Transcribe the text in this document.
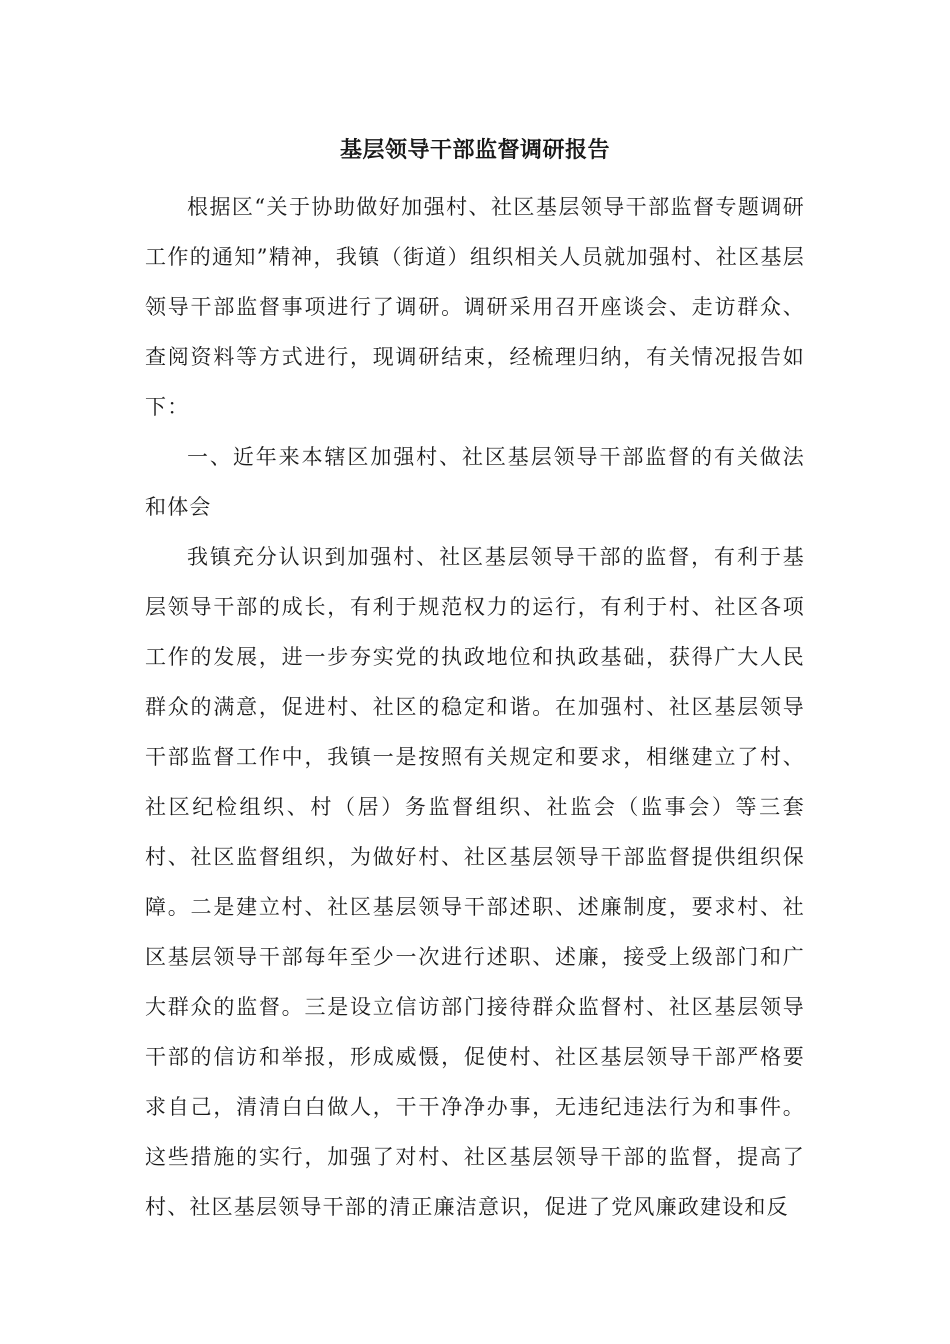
基层领导干部监督调研报告

根据区“关于协助做好加强村、社区基层领导干部监督专题调研工作的通知”精神，我镇（街道）组织相关人员就加强村、社区基层领导干部监督事项进行了调研。调研采用召开座谈会、走访群众、查阅资料等方式进行，现调研结束，经梳理归纳，有关情况报告如下：

一、近年来本辖区加强村、社区基层领导干部监督的有关做法和体会

我镇充分认识到加强村、社区基层领导干部的监督，有利于基层领导干部的成长，有利于规范权力的运行，有利于村、社区各项工作的发展，进一步夯实党的执政地位和执政基础，获得广大人民群众的满意，促进村、社区的稳定和谐。在加强村、社区基层领导干部监督工作中，我镇一是按照有关规定和要求，相继建立了村、社区纪检组织、村（居）务监督组织、社监会（监事会）等三套村、社区监督组织，为做好村、社区基层领导干部监督提供组织保障。二是建立村、社区基层领导干部述职、述廉制度，要求村、社区基层领导干部每年至少一次进行述职、述廉，接受上级部门和广大群众的监督。三是设立信访部门接待群众监督村、社区基层领导干部的信访和举报，形成威慑，促使村、社区基层领导干部严格要求自己，清清白白做人，干干净净办事，无违纪违法行为和事件。这些措施的实行，加强了对村、社区基层领导干部的监督，提高了村、社区基层领导干部的清正廉洁意识，促进了党风廉政建设和反
